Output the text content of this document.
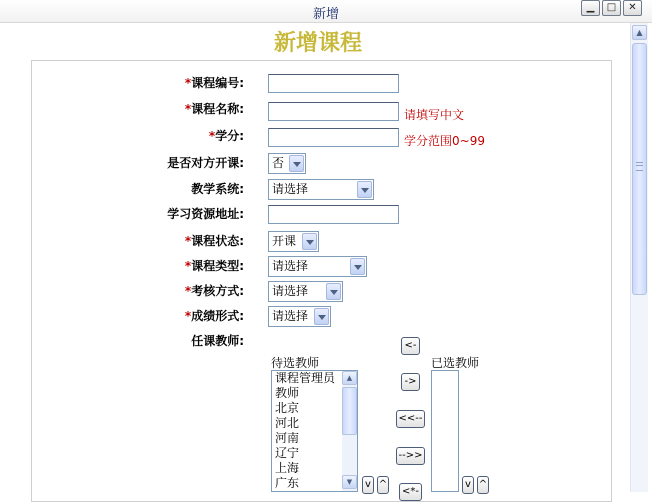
新增	▁ □ ✕
▲
新增课程
*课程编号:
*课程名称:	请填写中文
*学分:	学分范围0~99
是否对方开课:	否
教学系统:	请选择
学习资源地址:
*课程状态:	开课
*课程类型:	请选择
*考核方式:	请选择
*成绩形式:	请选择
任课教师:
待选教师	已选教师
课程管理员
教师
北京
河北
河南
辽宁
上海
广东
▲
▼
<-
->
<<--
-->>
<*-
v ^	v ^
